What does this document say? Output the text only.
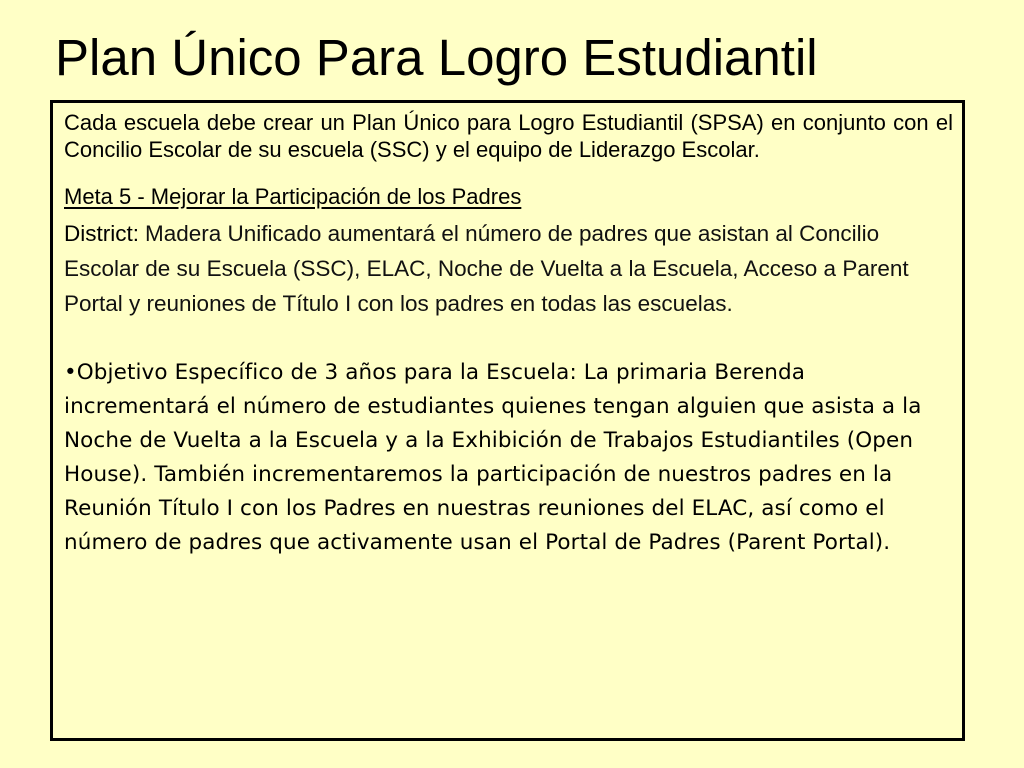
Plan Único Para Logro Estudiantil

Cada escuela debe crear un Plan Único para Logro Estudiantil (SPSA) en conjunto con el Concilio Escolar de su escuela (SSC) y el equipo de Liderazgo Escolar.

Meta 5 - Mejorar la Participación de los Padres

District: Madera Unificado aumentará el número de padres que asistan al Concilio Escolar de su Escuela (SSC), ELAC, Noche de Vuelta a la Escuela, Acceso a Parent Portal y reuniones de Título I con los padres en todas las escuelas.

•Objetivo Específico de 3 años para la Escuela: La primaria Berenda incrementará el número de estudiantes quienes tengan alguien que asista a la Noche de Vuelta a la Escuela y a la Exhibición de Trabajos Estudiantiles (Open House). También incrementaremos la participación de nuestros padres en la Reunión Título I con los Padres en nuestras reuniones del ELAC, así como el número de padres que activamente usan el Portal de Padres (Parent Portal).
